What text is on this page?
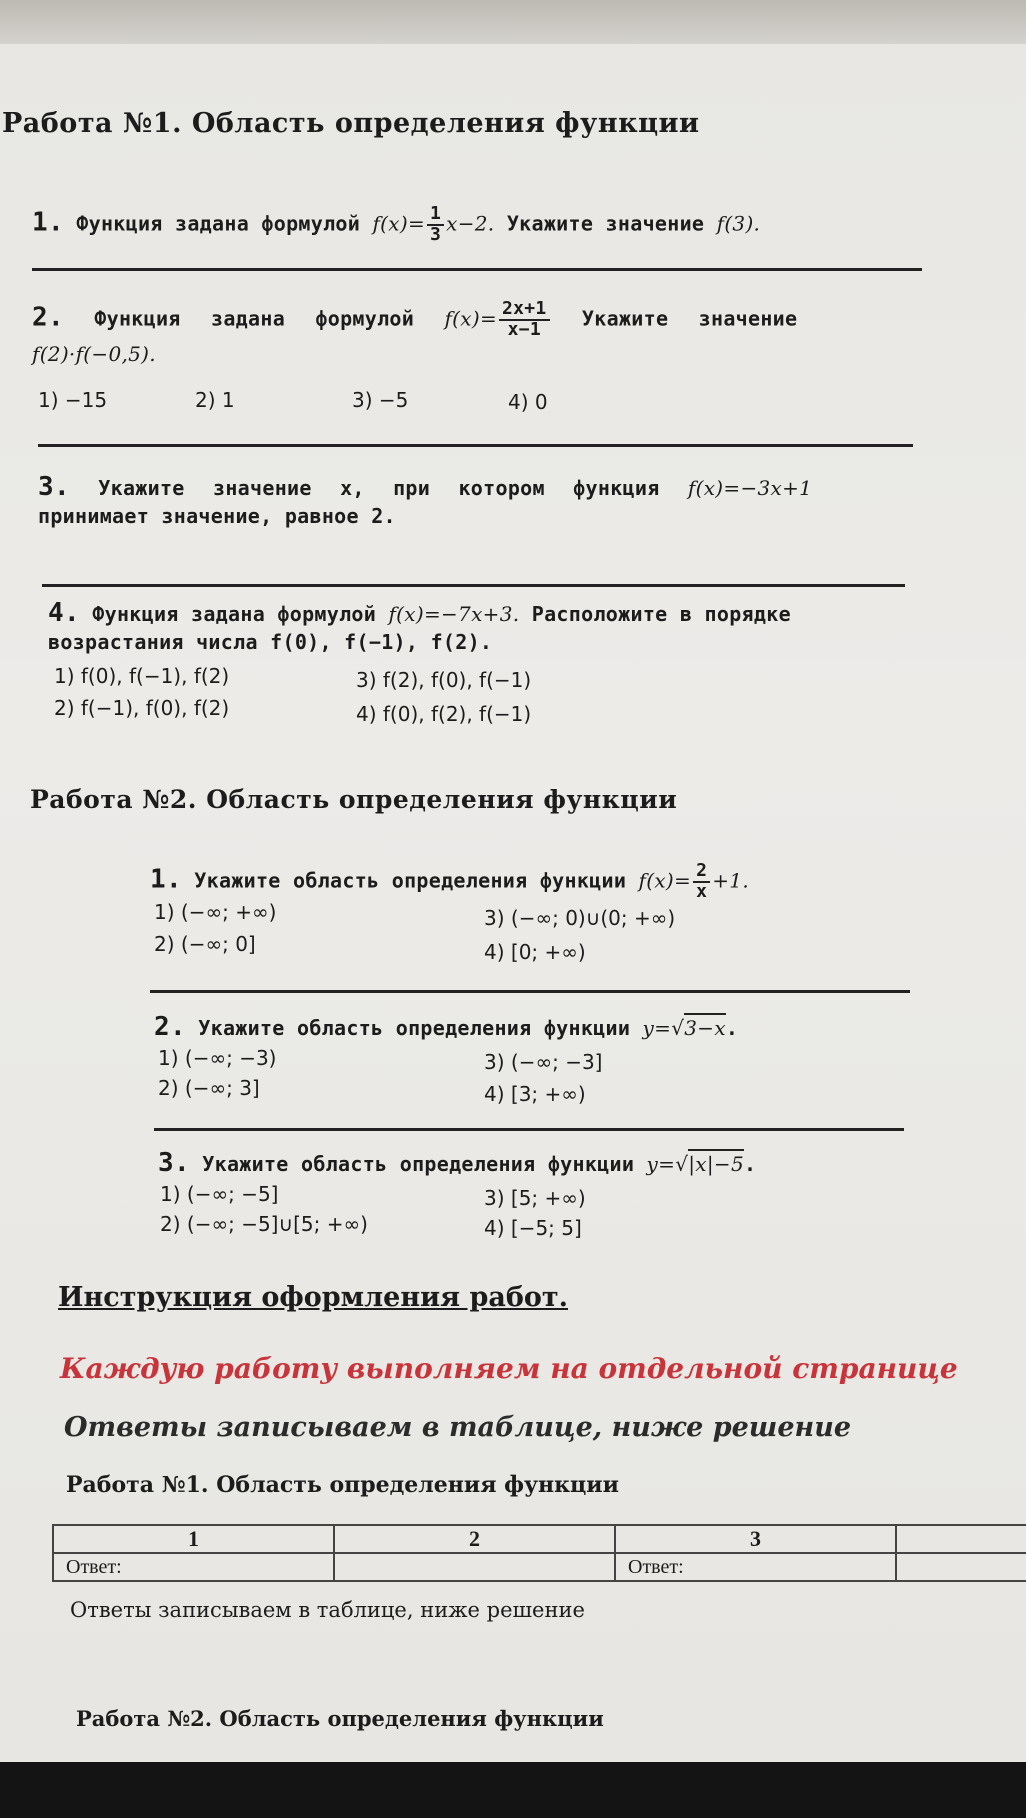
Работа №1. Область определения функции
1. Функция задана формулой $f(x)= \frac{1}{3} x-2$. Укажите значение f(3).
2. Функция задана формулой $f(x)= \frac{2x+1}{x-1}$ Укажите значение
f(2)·f(−0,5).
1) −15	2) 1	3) −5	4) 0
3. Укажите значение x, при котором функция f(x)=−3x+1
принимает значение, равное 2.
4. Функция задана формулой f(x)=−7x+3. Расположите в порядке
возрастания числа f(0), f(−1), f(2).
1) f(0), f(−1), f(2)
2) f(−1), f(0), f(2)
3) f(2), f(0), f(−1)
4) f(0), f(2), f(−1)
Работа №2. Область определения функции
1. Укажите область определения функции $f(x)= \frac{2}{x} +1$.
1) (−∞; +∞)
2) (−∞; 0]
3) (−∞; 0)∪(0; +∞)
4) [0; +∞)
2. Укажите область определения функции y=√3−x.
1) (−∞; −3)
2) (−∞; 3]
3) (−∞; −3]
4) [3; +∞)
3. Укажите область определения функции y=√|x|−5.
1) (−∞; −5]
2) (−∞; −5]∪[5; +∞)
3) [5; +∞)
4) [−5; 5]
Инструкция оформления работ.
Каждую работу выполняем на отдельной странице
Ответы записываем в таблице, ниже решение
Работа №1. Область определения функции
1	2	3	
Ответ:		Ответ:	
Ответы записываем в таблице, ниже решение
Работа №2. Область определения функции
